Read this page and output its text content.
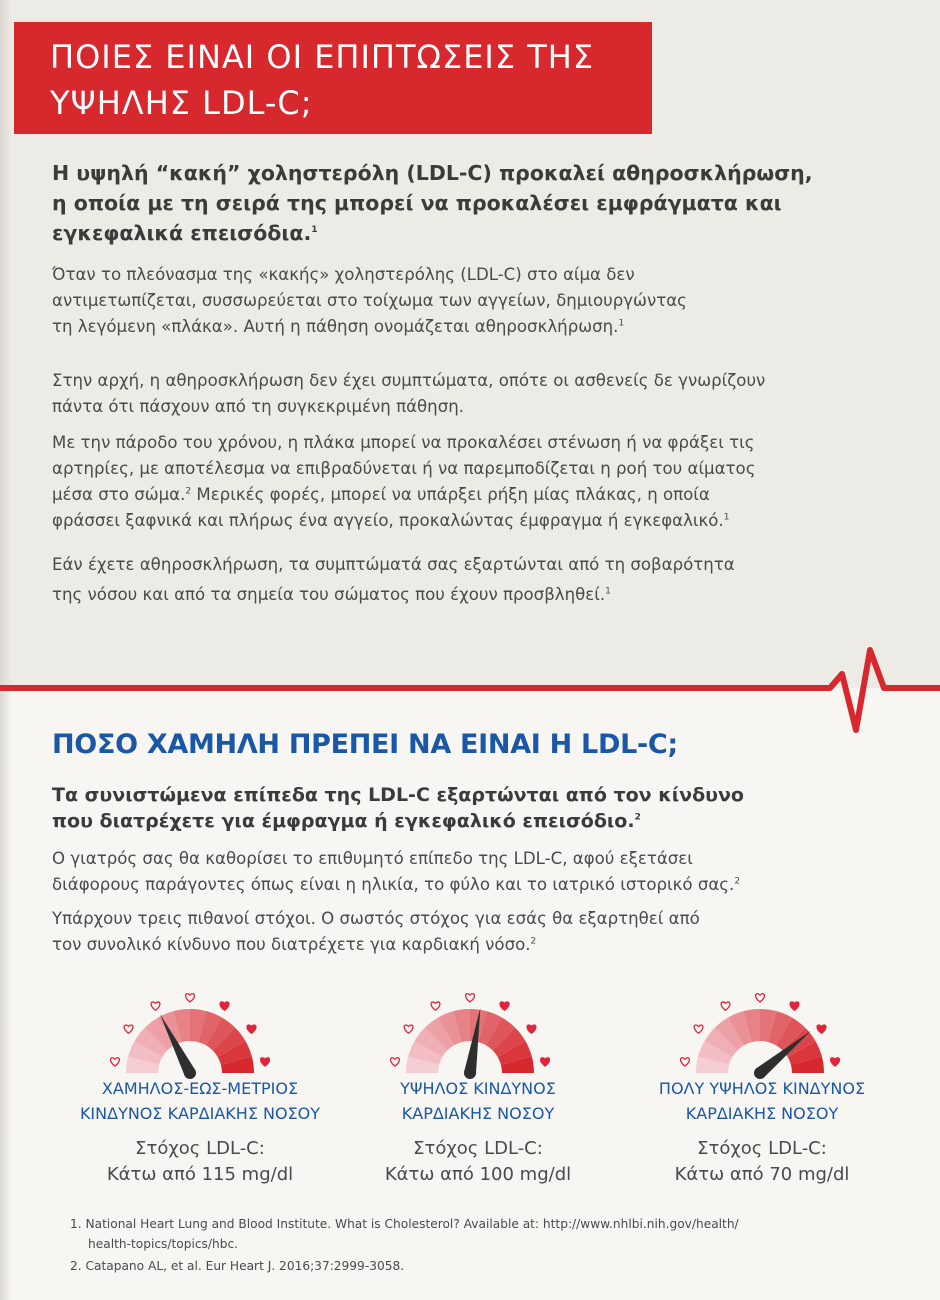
ΠΟΙΕΣ ΕΙΝΑΙ ΟΙ ΕΠΙΠΤΩΣΕΙΣ ΤΗΣ
ΥΨΗΛΗΣ LDL-C;
Η υψηλή “κακή” χοληστερόλη (LDL-C) προκαλεί αθηροσκλήρωση,
η οποία με τη σειρά της μπορεί να προκαλέσει εμφράγματα και
εγκεφαλικά επεισόδια.$^1$
Όταν το πλεόνασμα της «κακής» χοληστερόλης (LDL-C) στο αίμα δεν
αντιμετωπίζεται, συσσωρεύεται στο τοίχωμα των αγγείων, δημιουργώντας
τη λεγόμενη «πλάκα». Αυτή η πάθηση ονομάζεται αθηροσκλήρωση.$^1$
Στην αρχή, η αθηροσκλήρωση δεν έχει συμπτώματα, οπότε οι ασθενείς δε γνωρίζουν
πάντα ότι πάσχουν από τη συγκεκριμένη πάθηση.
Με την πάροδο του χρόνου, η πλάκα μπορεί να προκαλέσει στένωση ή να φράξει τις
αρτηρίες, με αποτέλεσμα να επιβραδύνεται ή να παρεμποδίζεται η ροή του αίματος
μέσα στο σώμα.$^2$ Μερικές φορές, μπορεί να υπάρξει ρήξη μίας πλάκας, η οποία
φράσσει ξαφνικά και πλήρως ένα αγγείο, προκαλώντας έμφραγμα ή εγκεφαλικό.$^1$
Εάν έχετε αθηροσκλήρωση, τα συμπτώματά σας εξαρτώνται από τη σοβαρότητα
της νόσου και από τα σημεία του σώματος που έχουν προσβληθεί.$^1$
ΠΟΣΟ ΧΑΜΗΛΗ ΠΡΕΠΕΙ ΝΑ ΕΙΝΑΙ Η LDL-C;
Τα συνιστώμενα επίπεδα της LDL-C εξαρτώνται από τον κίνδυνο
που διατρέχετε για έμφραγμα ή εγκεφαλικό επεισόδιο.$^2$
Ο γιατρός σας θα καθορίσει το επιθυμητό επίπεδο της LDL-C, αφού εξετάσει
διάφορους παράγοντες όπως είναι η ηλικία, το φύλο και το ιατρικό ιστορικό σας.$^2$
Υπάρχουν τρεις πιθανοί στόχοι. Ο σωστός στόχος για εσάς θα εξαρτηθεί από
τον συνολικό κίνδυνο που διατρέχετε για καρδιακή νόσο.$^2$
ΧΑΜΗΛΟΣ-ΕΩΣ-ΜΕΤΡΙΟΣ
ΚΙΝΔΥΝΟΣ ΚΑΡΔΙΑΚΗΣ ΝΟΣΟΥ
ΥΨΗΛΟΣ ΚΙΝΔΥΝΟΣ
ΚΑΡΔΙΑΚΗΣ ΝΟΣΟΥ
ΠΟΛΥ ΥΨΗΛΟΣ ΚΙΝΔΥΝΟΣ
ΚΑΡΔΙΑΚΗΣ ΝΟΣΟΥ
Στόχος LDL-C:
Κάτω από 115 mg/dl
Στόχος LDL-C:
Κάτω από 100 mg/dl
Στόχος LDL-C:
Κάτω από 70 mg/dl
1. National Heart Lung and Blood Institute. What is Cholesterol? Available at: http://www.nhlbi.nih.gov/health/
health-topics/topics/hbc.
2. Catapano AL, et al. Eur Heart J. 2016;37:2999-3058.
